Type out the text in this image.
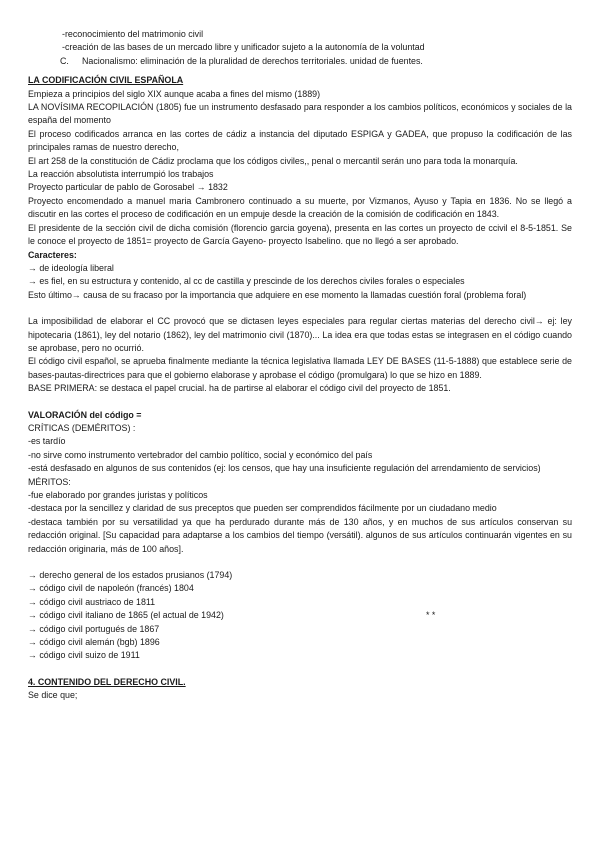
-reconocimiento del matrimonio civil

-creación de las bases de un mercado libre y unificador sujeto a la autonomía de la voluntad

C.	Nacionalismo: eliminación de la pluralidad de derechos territoriales. unidad de fuentes.

LA CODIFICACIÓN CIVIL ESPAÑOLA

Empieza a principios del siglo XIX aunque acaba a fines del mismo (1889)

LA NOVÍSIMA RECOPILACIÓN (1805) fue un instrumento desfasado para responder a los cambios políticos, económicos y sociales de la españa del momento

El proceso codificados arranca en las cortes de cádiz a instancia del diputado ESPIGA y GADEA, que propuso la codificación de las principales ramas de nuestro derecho,

El art 258 de la constitución de Cádiz proclama que los códigos civiles,, penal o mercantil serán uno para toda la monarquía.

La reacción absolutista interrumpió los trabajos

Proyecto particular de pablo de Gorosabel → 1832

Proyecto encomendado a manuel maria Cambronero continuado a su muerte, por Vizmanos, Ayuso y Tapia en 1836. No se llegó a discutir en las cortes el proceso de codificación en un empuje desde la creación de la comisión de codificación en 1843.

El presidente de la sección civil de dicha comisión (florencio garcia goyena), presenta en las cortes un proyecto de ccivil el 8-5-1851. Se le conoce el proyecto de 1851= proyecto de García Gayeno- proyecto Isabelino. que no llegó a ser aprobado.

Caracteres:

→ de ideología liberal

→ es fiel, en su estructura y contenido, al cc de castilla y prescinde de los derechos civiles forales o especiales

Esto último→ causa de su fracaso por la importancia que adquiere en ese momento la llamadas cuestión foral (problema foral)

La imposibilidad de elaborar el CC provocó que se dictasen leyes especiales para regular ciertas materias del derecho civil→ ej: ley hipotecaria (1861), ley del notario (1862), ley del matrimonio civil (1870)... La idea era que todas estas se integrasen en el código cuando se aprobase, pero no ocurrió.

El código civil español, se aprueba finalmente mediante la técnica legislativa llamada LEY DE BASES (11-5-1888) que establece serie de bases-pautas-directrices para que el gobierno elaborase y aprobase el código (promulgara) lo que se hizo en 1889.

BASE PRIMERA: se destaca el papel crucial. ha de partirse al elaborar el código civil del proyecto de 1851.

VALORACIÓN del código =

CRÍTICAS (DEMÉRITOS) :

-es tardío

-no sirve como instrumento vertebrador del cambio político, social y económico del país

-está desfasado en algunos de sus contenidos (ej: los censos, que hay una insuficiente regulación del arrendamiento de servicios)

MÉRITOS:

-fue elaborado por grandes juristas y políticos

-destaca por la sencillez y claridad de sus preceptos que pueden ser comprendidos fácilmente por un ciudadano medio

-destaca también por su versatilidad ya que ha perdurado durante más de 130 años, y en muchos de sus artículos conservan su redacción original. [Su capacidad para adaptarse a los cambios del tiempo (versátil). algunos de sus artículos continuarán vigentes en su redacción originaria, más de 100 años].

→ derecho general de los estados prusianos (1794)

→ código civil de napoleón (francés) 1804

→ código civil austriaco de 1811

→ código civil italiano de 1865 (el actual de 1942)	* *

→ código civil portugués de 1867

→ código civil alemán (bgb) 1896

→ código civil suizo de 1911

4. CONTENIDO DEL DERECHO CIVIL.

Se dice que;
